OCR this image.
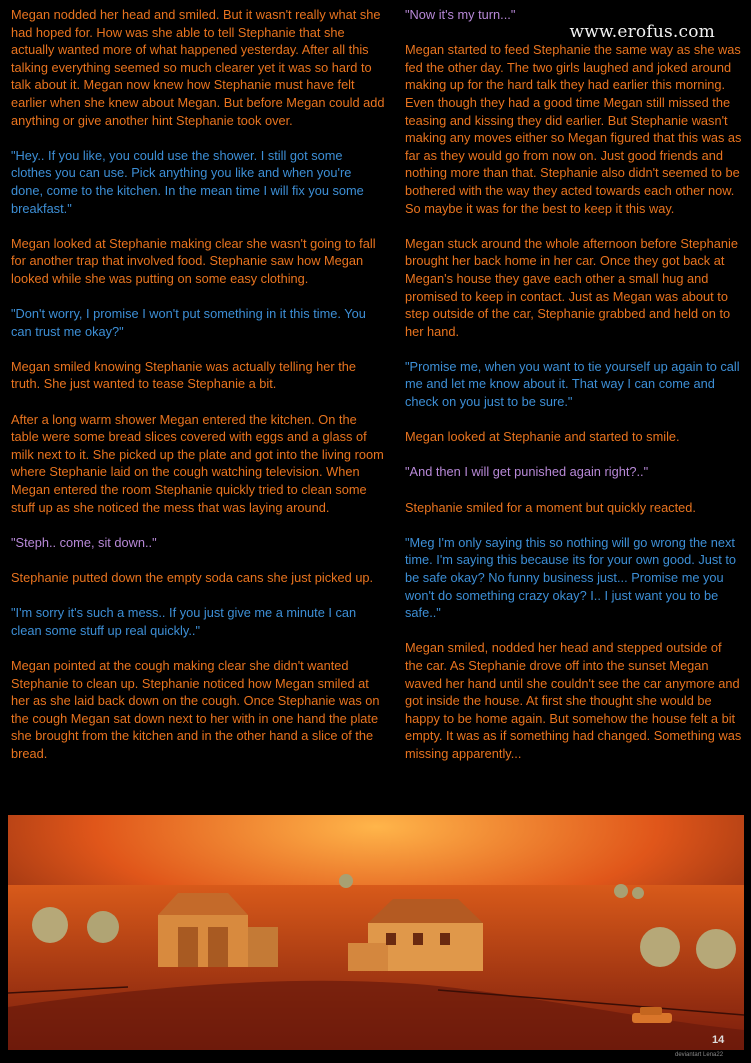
Megan nodded her head and smiled. But it wasn't really what she had hoped for. How was she able to tell Stephanie that she actually wanted more of what happened yesterday. After all this talking everything seemed so much clearer yet it was so hard to talk about it. Megan now knew how Stephanie must have felt earlier when she knew about Megan. But before Megan could add anything or give another hint Stephanie took over.

"Hey.. If you like, you could use the shower. I still got some clothes you can use. Pick anything you like and when you're done, come to the kitchen. In the mean time I will fix you some breakfast."

Megan looked at Stephanie making clear she wasn't going to fall for another trap that involved food. Stephanie saw how Megan looked while she was putting on some easy clothing.

"Don't worry, I promise I won't put something in it this time. You can trust me okay?"

Megan smiled knowing Stephanie was actually telling her the truth. She just wanted to tease Stephanie a bit.

After a long warm shower Megan entered the kitchen. On the table were some bread slices covered with eggs and a glass of milk next to it. She picked up the plate and got into the living room where Stephanie laid on the cough watching television. When Megan entered the room Stephanie quickly tried to clean some stuff up as she noticed the mess that was laying around.

"Steph.. come, sit down.."

Stephanie putted down the empty soda cans she just picked up.

"I'm sorry it's such a mess.. If you just give me a minute I can clean some stuff up real quickly.."

Megan pointed at the cough making clear she didn't wanted Stephanie to clean up. Stephanie noticed how Megan smiled at her as she laid back down on the cough. Once Stephanie was on the cough Megan sat down next to her with in one hand the plate she brought from the kitchen and in the other hand a slice of the bread.

"Now it's my turn..."

Megan started to feed Stephanie the same way as she was fed the other day. The two girls laughed and joked around making up for the hard talk they had earlier this morning. Even though they had a good time Megan still missed the teasing and kissing they did earlier. But Stephanie wasn't making any moves either so Megan figured that this was as far as they would go from now on. Just good friends and nothing more than that. Stephanie also didn't seemed to be bothered with the way they acted towards each other now. So maybe it was for the best to keep it this way.

Megan stuck around the whole afternoon before Stephanie brought her back home in her car. Once they got back at Megan's house they gave each other a small hug and promised to keep in contact. Just as Megan was about to step outside of the car, Stephanie grabbed and held on to her hand.

"Promise me, when you want to tie yourself up again to call me and let me know about it. That way I can come and check on you just to be sure."

Megan looked at Stephanie and started to smile.

"And then I will get punished again right?.."

Stephanie smiled for a moment but quickly reacted.

"Meg I'm only saying this so nothing will go wrong the next time. I'm saying this because its for your own good. Just to be safe okay? No funny business just... Promise me you won't do something crazy okay? I.. I just want you to be safe.."

Megan smiled, nodded her head and stepped outside of the car. As Stephanie drove off into the sunset Megan waved her hand until she couldn't see the car anymore and got inside the house. At first she thought she would be happy to be home again. But somehow the house felt a bit empty. It was as if something had changed. Something was missing apparently...

www.erofus.com
14
deviantart Lena22
